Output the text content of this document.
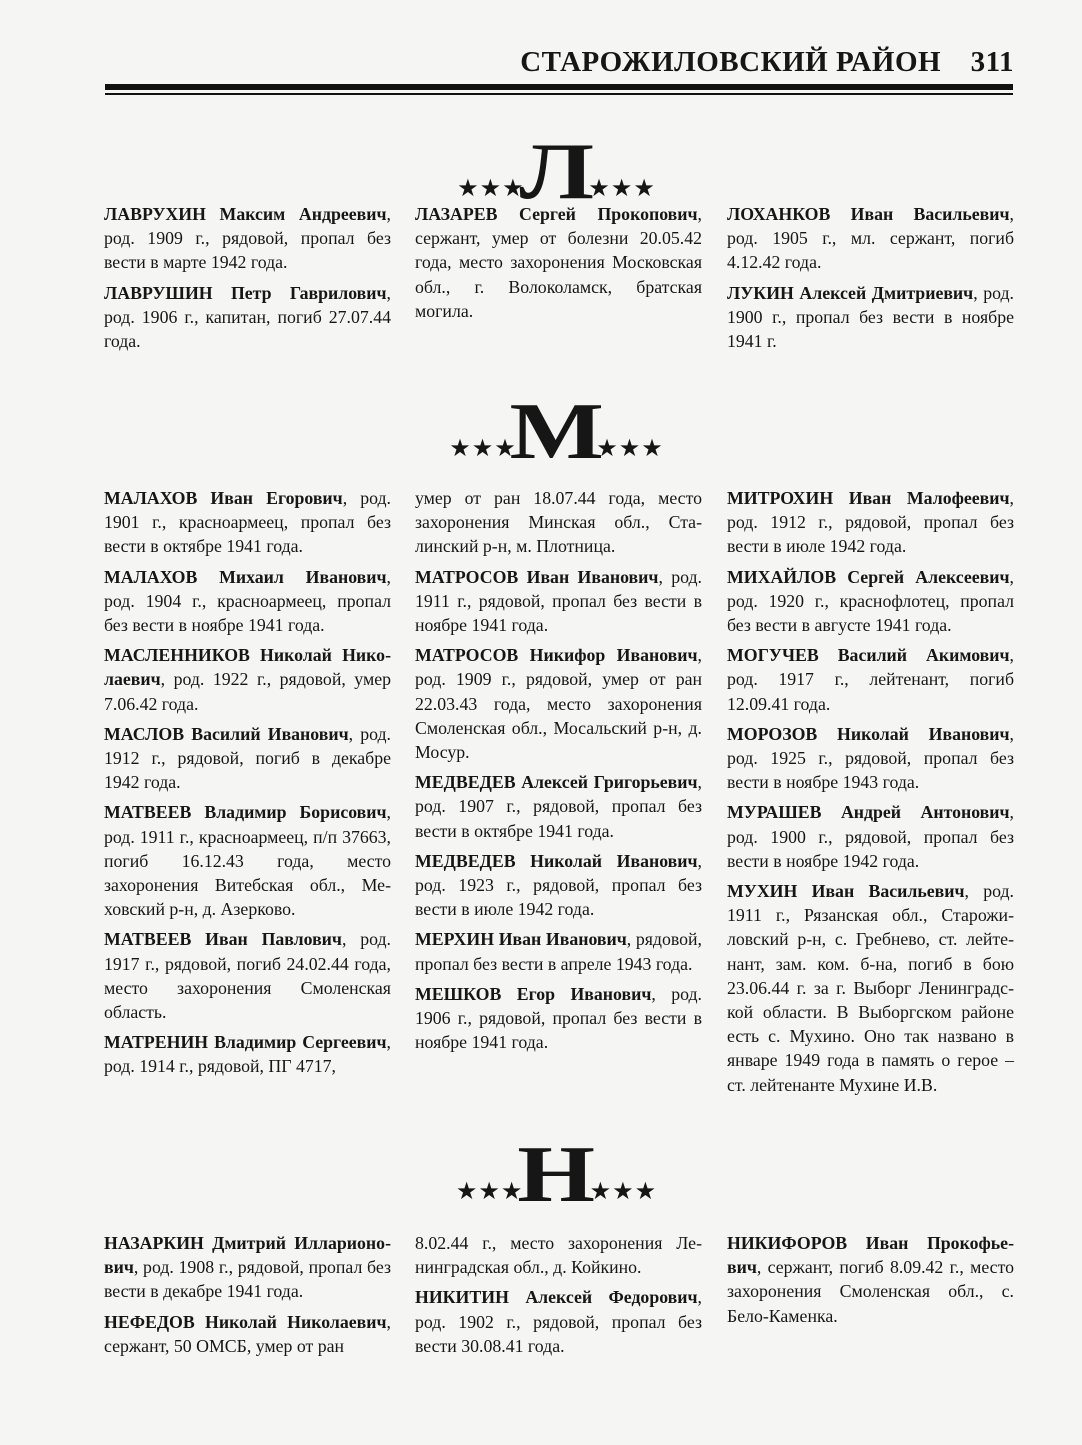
СТАРОЖИЛОВСКИЙ РАЙОН 311
★★★
Л
★★★

ЛАВРУХИН Максим Андреевич, род. 1909 г., рядовой, пропал без вести в марте 1942 года.

ЛАВРУШИН Петр Гаврилович, род. 1906 г., капитан, погиб 27.07.44 года.

ЛАЗАРЕВ Сергей Прокопович, сержант, умер от болезни 20.05.42 года, место захоронения Московская обл., г. Волоколамск, братская могила.

ЛОХАНКОВ Иван Васильевич, род. 1905 г., мл. сержант, погиб 4.12.42 года.

ЛУКИН Алексей Дмитриевич, род. 1900 г., пропал без вести в ноябре 1941 г.

★★★
М
★★★

МАЛАХОВ Иван Егорович, род. 1901 г., красноармеец, пропал без вести в октябре 1941 года.

МАЛАХОВ Михаил Иванович, род. 1904 г., красноармеец, пропал без вести в ноябре 1941 года.

МАСЛЕННИКОВ Николай Николаевич, род. 1922 г., рядовой, умер 7.06.42 года.

МАСЛОВ Василий Иванович, род. 1912 г., рядовой, погиб в декабре 1942 года.

МАТВЕЕВ Владимир Борисович, род. 1911 г., красноармеец, п/п 37663, погиб 16.12.43 года, место захоронения Витебская обл., Меховский р-н, д. Азерково.

МАТВЕЕВ Иван Павлович, род. 1917 г., рядовой, погиб 24.02.44 года, место захоронения Смоленская область.

МАТРЕНИН Владимир Сергеевич, род. 1914 г., рядовой, ПГ 4717,

умер от ран 18.07.44 года, место захоронения Минская обл., Сталинский р-н, м. Плотница.

МАТРОСОВ Иван Иванович, род. 1911 г., рядовой, пропал без вести в ноябре 1941 года.

МАТРОСОВ Никифор Иванович, род. 1909 г., рядовой, умер от ран 22.03.43 года, место захоронения Смоленская обл., Мосальский р-н, д. Мосур.

МЕДВЕДЕВ Алексей Григорьевич, род. 1907 г., рядовой, пропал без вести в октябре 1941 года.

МЕДВЕДЕВ Николай Иванович, род. 1923 г., рядовой, пропал без вести в июле 1942 года.

МЕРХИН Иван Иванович, рядовой, пропал без вести в апреле 1943 года.

МЕШКОВ Егор Иванович, род. 1906 г., рядовой, пропал без вести в ноябре 1941 года.

МИТРОХИН Иван Малофеевич, род. 1912 г., рядовой, пропал без вести в июле 1942 года.

МИХАЙЛОВ Сергей Алексеевич, род. 1920 г., краснофлотец, пропал без вести в августе 1941 года.

МОГУЧЕВ Василий Акимович, род. 1917 г., лейтенант, погиб 12.09.41 года.

МОРОЗОВ Николай Иванович, род. 1925 г., рядовой, пропал без вести в ноябре 1943 года.

МУРАШЕВ Андрей Антонович, род. 1900 г., рядовой, пропал без вести в ноябре 1942 года.

МУХИН Иван Васильевич, род. 1911 г., Рязанская обл., Старожиловский р-н, с. Гребнево, ст. лейтенант, зам. ком. б-на, погиб в бою 23.06.44 г. за г. Выборг Ленинградской области. В Выборгском районе есть с. Мухино. Оно так названо в январе 1949 года в память о герое – ст. лейтенанте Мухине И.В.

★★★
Н
★★★

НАЗАРКИН Дмитрий Илларионович, род. 1908 г., рядовой, пропал без вести в декабре 1941 года.

НЕФЕДОВ Николай Николаевич, сержант, 50 ОМСБ, умер от ран

8.02.44 г., место захоронения Ленинградская обл., д. Койкино.

НИКИТИН Алексей Федорович, род. 1902 г., рядовой, пропал без вести 30.08.41 года.

НИКИФОРОВ Иван Прокофьевич, сержант, погиб 8.09.42 г., место захоронения Смоленская обл., с. Бело-Каменка.
